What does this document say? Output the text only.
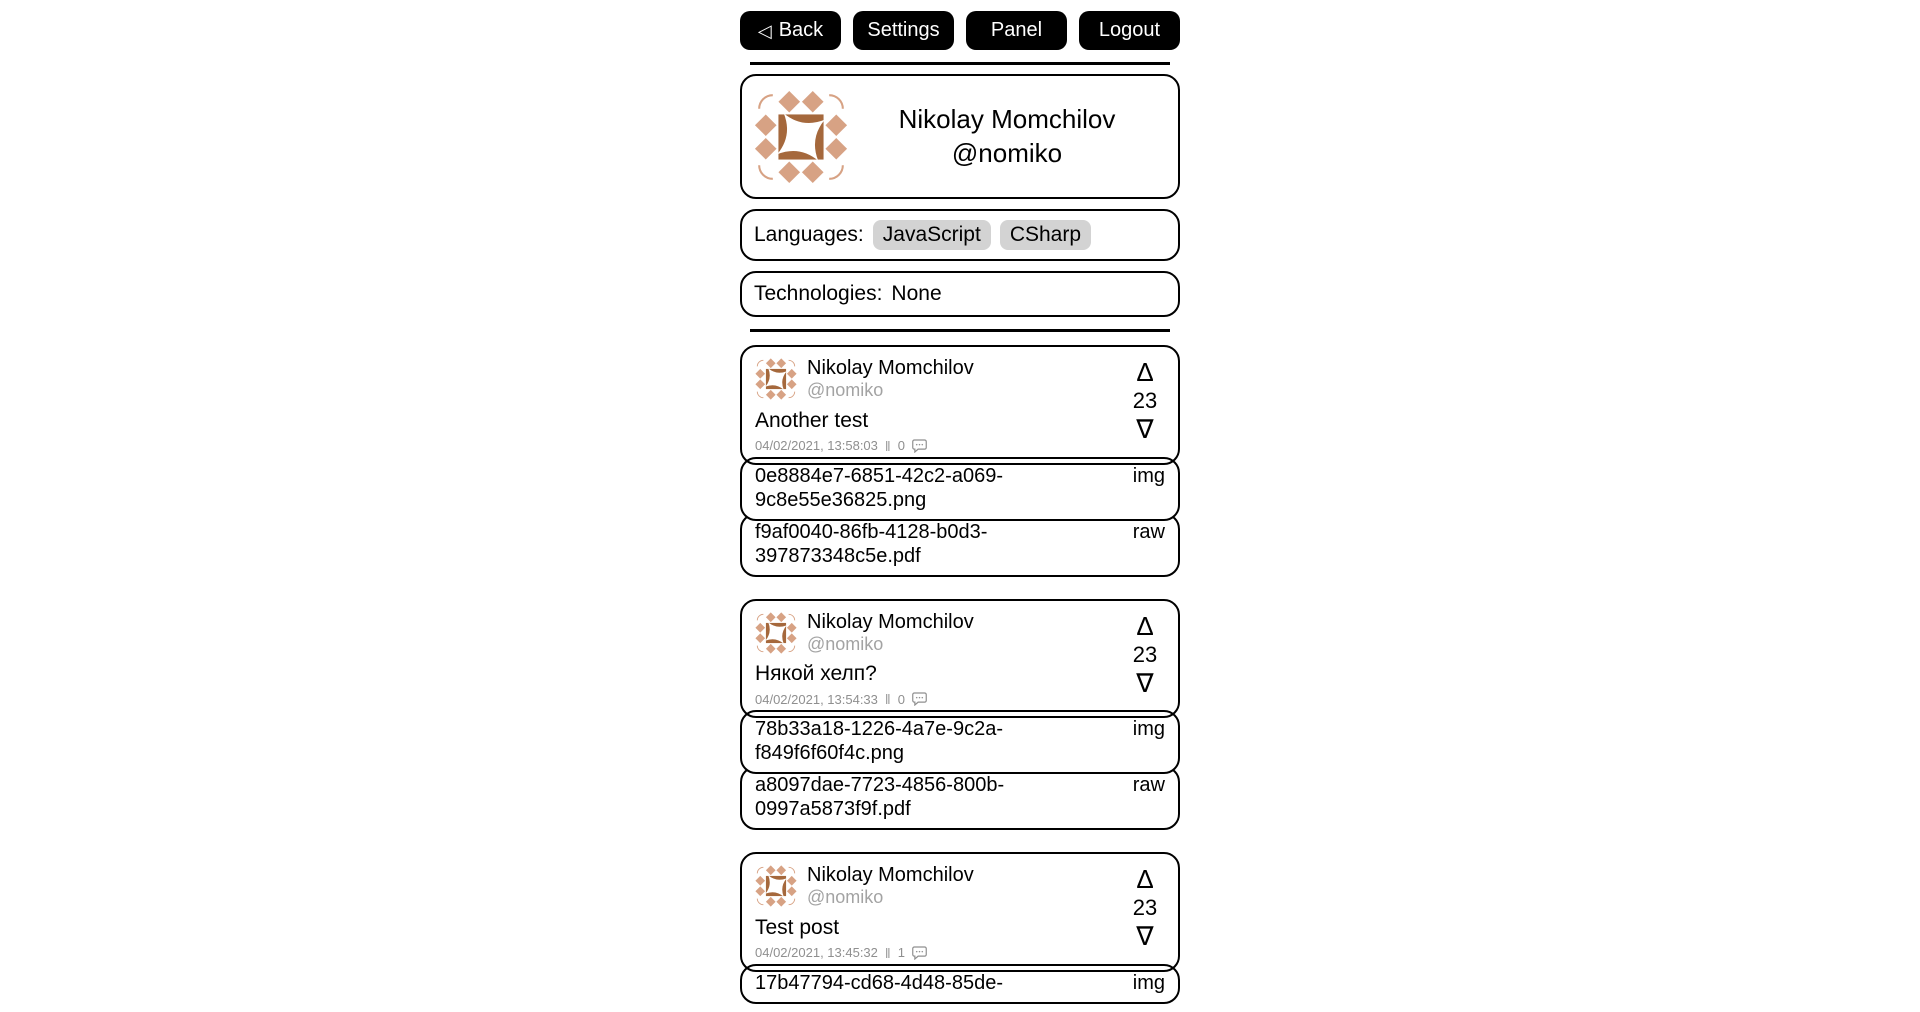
◁ Back Settings	Panel	Logout
Nikolay Momchilov
@nomiko
Languages: JavaScript	CSharp
Technologies: None
Δ
23
∇
Nikolay Momchilov
@nomiko
Another test
04/02/2021, 13:58:03 ‖ 0
0e8884e7-6851-42c2-a069-9c8e55e36825.png
img
f9af0040-86fb-4128-b0d3-397873348c5e.pdf
raw
Δ
23
∇
Nikolay Momchilov
@nomiko
Някой хелп?
04/02/2021, 13:54:33 ‖ 0
78b33a18-1226-4a7e-9c2a-f849f6f60f4c.png
img
a8097dae-7723-4856-800b-0997a5873f9f.pdf
raw
Δ
23
∇
Nikolay Momchilov
@nomiko
Test post
04/02/2021, 13:45:32 ‖ 1
17b47794-cd68-4d48-85de-	img
